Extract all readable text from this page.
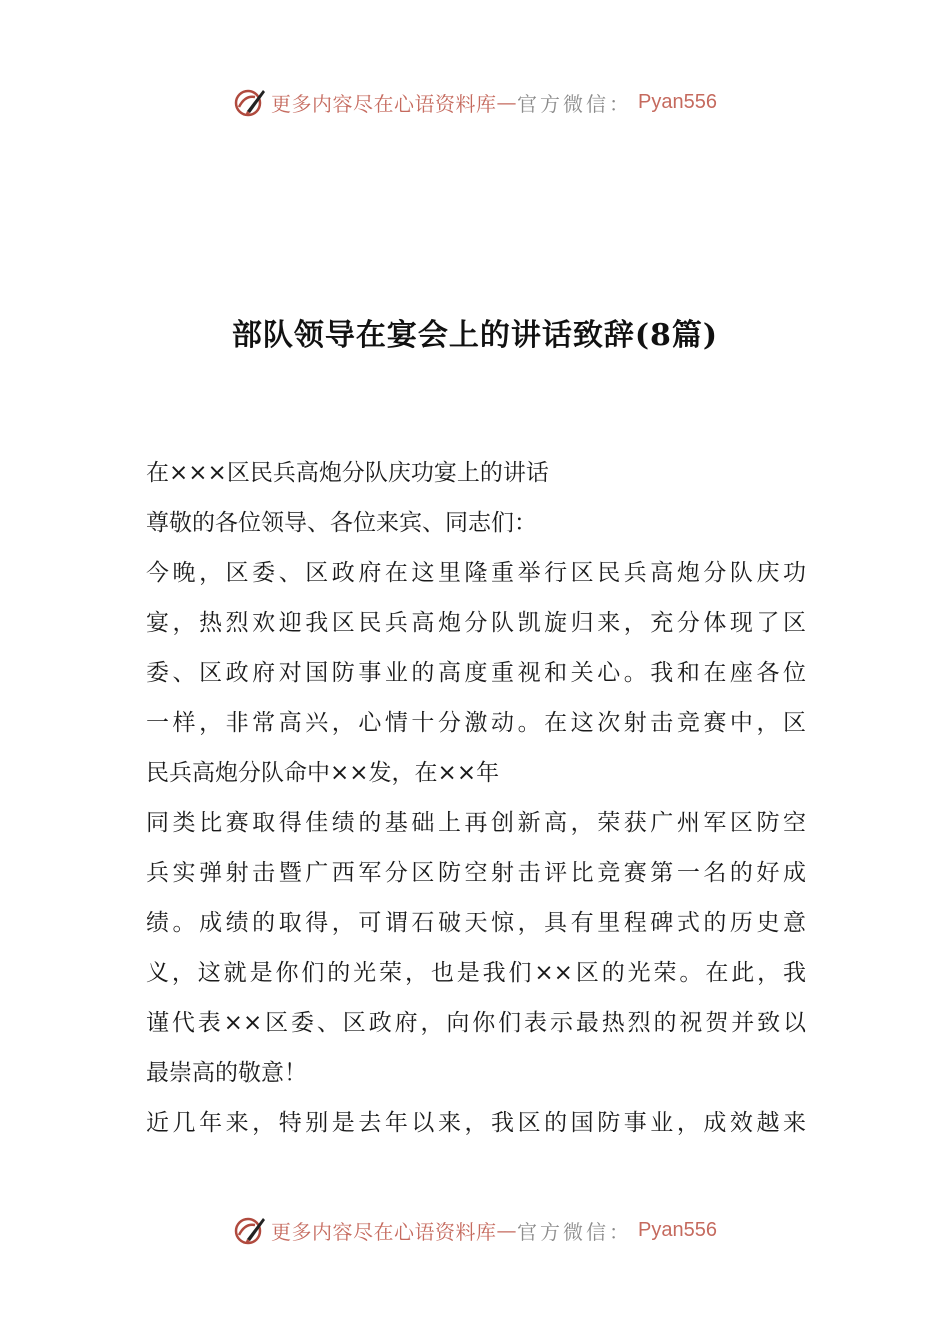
更多内容尽在心语资料库 — 官方微信： Pyan556
部队领导在宴会上的讲话致辞(8篇)
在×××区民兵高炮分队庆功宴上的讲话
尊敬的各位领导、各位来宾、同志们：
今晚，区委、区政府在这里隆重举行区民兵高炮分队庆功
宴，热烈欢迎我区民兵高炮分队凯旋归来，充分体现了区
委、区政府对国防事业的高度重视和关心。我和在座各位
一样，非常高兴，心情十分激动。在这次射击竞赛中，区
民兵高炮分队命中××发，在××年
同类比赛取得佳绩的基础上再创新高，荣获广州军区防空
兵实弹射击暨广西军分区防空射击评比竞赛第一名的好成
绩。成绩的取得，可谓石破天惊，具有里程碑式的历史意
义，这就是你们的光荣，也是我们××区的光荣。在此，我
谨代表××区委、区政府，向你们表示最热烈的祝贺并致以
最崇高的敬意！
近几年来，特别是去年以来，我区的国防事业，成效越来
更多内容尽在心语资料库 — 官方微信： Pyan556
